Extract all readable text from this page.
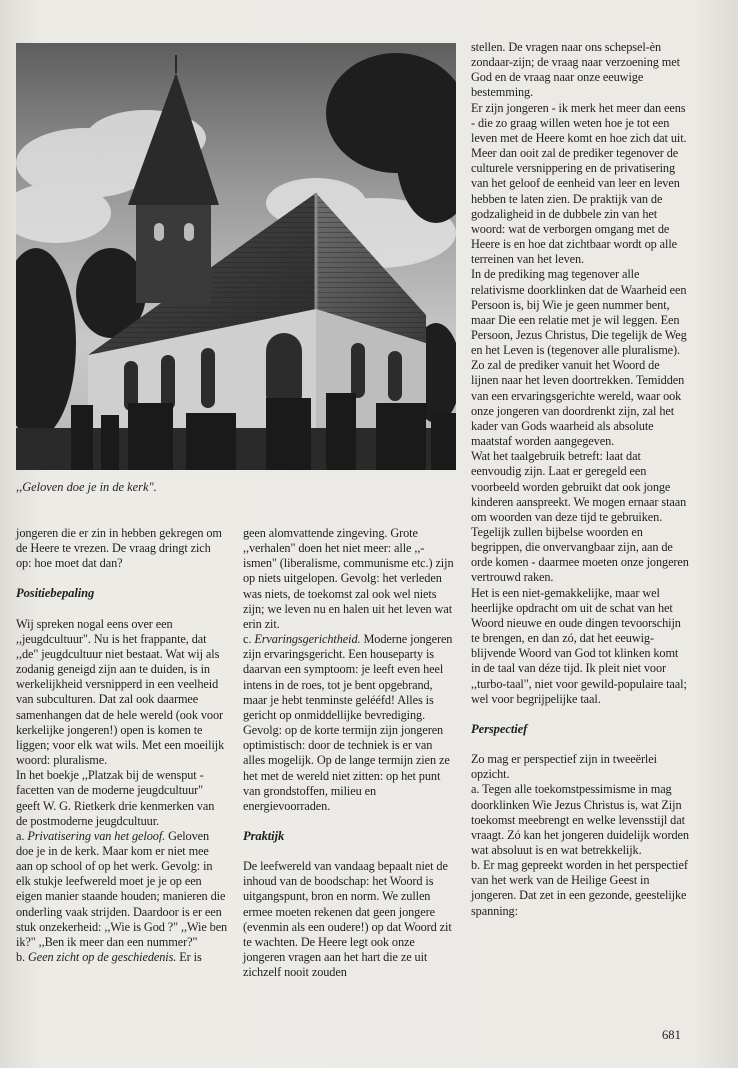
,,Geloven doe je in de kerk".

jongeren die er zin in hebben gekregen om de Heere te vrezen. De vraag dringt zich op: hoe moet dat dan?

Positiebepaling

Wij spreken nogal eens over een ,,jeugdcultuur". Nu is het frappante, dat ,,de" jeugdcultuur niet bestaat. Wat wij als zodanig geneigd zijn aan te duiden, is in werkelijkheid versnipperd in een veelheid van subculturen. Dat zal ook daarmee samenhangen dat de hele wereld (ook voor kerkelijke jongeren!) open is komen te liggen; voor elk wat wils. Met een moeilijk woord: pluralisme.

In het boekje ,,Platzak bij de wensput - facetten van de moderne jeugdcultuur" geeft W. G. Rietkerk drie kenmerken van de postmoderne jeugdcultuur.

a. Privatisering van het geloof. Geloven doe je in de kerk. Maar kom er niet mee aan op school of op het werk. Gevolg: in elk stukje leefwereld moet je je op een eigen manier staande houden; manieren die onderling vaak strijden. Daardoor is er een stuk onzekerheid: ,,Wie is God ?" ,,Wie ben ik?" ,,Ben ik meer dan een nummer?"

b. Geen zicht op de geschiedenis. Er is

geen alomvattende zingeving. Grote ,,verhalen" doen het niet meer: alle ,,-ismen" (liberalisme, communisme etc.) zijn op niets uitgelopen. Gevolg: het verleden was niets, de toekomst zal ook wel niets zijn; we leven nu en halen uit het leven wat erin zit.

c. Ervaringsgerichtheid. Moderne jongeren zijn ervaringsgericht. Een houseparty is daarvan een symptoom: je leeft even heel intens in de roes, tot je bent opgebrand, maar je hebt tenminste gelééfd! Alles is gericht op onmiddellijke bevrediging. Gevolg: op de korte termijn zijn jongeren optimistisch: door de techniek is er van alles mogelijk. Op de lange termijn zien ze het met de wereld niet zitten: op het punt van grondstoffen, milieu en energievoorraden.

Praktijk

De leefwereld van vandaag bepaalt niet de inhoud van de boodschap: het Woord is uitgangspunt, bron en norm. We zullen ermee moeten rekenen dat geen jongere (evenmin als een oudere!) op dat Woord zit te wachten. De Heere legt ook onze jongeren vragen aan het hart die ze uit zichzelf nooit zouden

stellen. De vragen naar ons schepsel-èn zondaar-zijn; de vraag naar verzoening met God en de vraag naar onze eeuwige bestemming.

Er zijn jongeren - ik merk het meer dan eens - die zo graag willen weten hoe je tot een leven met de Heere komt en hoe zich dat uit. Meer dan ooit zal de prediker tegenover de culturele versnippering en de privatisering van het geloof de eenheid van leer en leven hebben te laten zien. De praktijk van de godzaligheid in de dubbele zin van het woord: wat de verborgen omgang met de Heere is en hoe dat zichtbaar wordt op alle terreinen van het leven.

In de prediking mag tegenover alle relativisme doorklinken dat de Waarheid een Persoon is, bij Wie je geen nummer bent, maar Die een relatie met je wil leggen. Een Persoon, Jezus Christus, Die tegelijk de Weg en het Leven is (tegenover alle pluralisme).

Zo zal de prediker vanuit het Woord de lijnen naar het leven doortrekken. Temidden van een ervaringsgerichte wereld, waar ook onze jongeren van doordrenkt zijn, zal het kader van Gods waarheid als absolute maatstaf worden aangegeven.

Wat het taalgebruik betreft: laat dat eenvoudig zijn. Laat er geregeld een voorbeeld worden gebruikt dat ook jonge kinderen aanspreekt. We mogen ernaar staan om woorden van deze tijd te gebruiken. Tegelijk zullen bijbelse woorden en begrippen, die onvervangbaar zijn, aan de orde komen - daarmee moeten onze jongeren vertrouwd raken.

Het is een niet-gemakkelijke, maar wel heerlijke opdracht om uit de schat van het Woord nieuwe en oude dingen tevoorschijn te brengen, en dan zó, dat het eeuwig-blijvende Woord van God tot klinken komt in de taal van déze tijd. Ik pleit niet voor ,,turbo-taal", niet voor gewild-populaire taal; wel voor begrijpelijke taal.

Perspectief

Zo mag er perspectief zijn in tweeërlei opzicht.

a. Tegen alle toekomstpessimisme in mag doorklinken Wie Jezus Christus is, wat Zijn toekomst meebrengt en welke levensstijl dat vraagt. Zó kan het jongeren duidelijk worden wat absoluut is en wat betrekkelijk.

b. Er mag gepreekt worden in het perspectief van het werk van de Heilige Geest in jongeren. Dat zet in een gezonde, geestelijke spanning:

681
